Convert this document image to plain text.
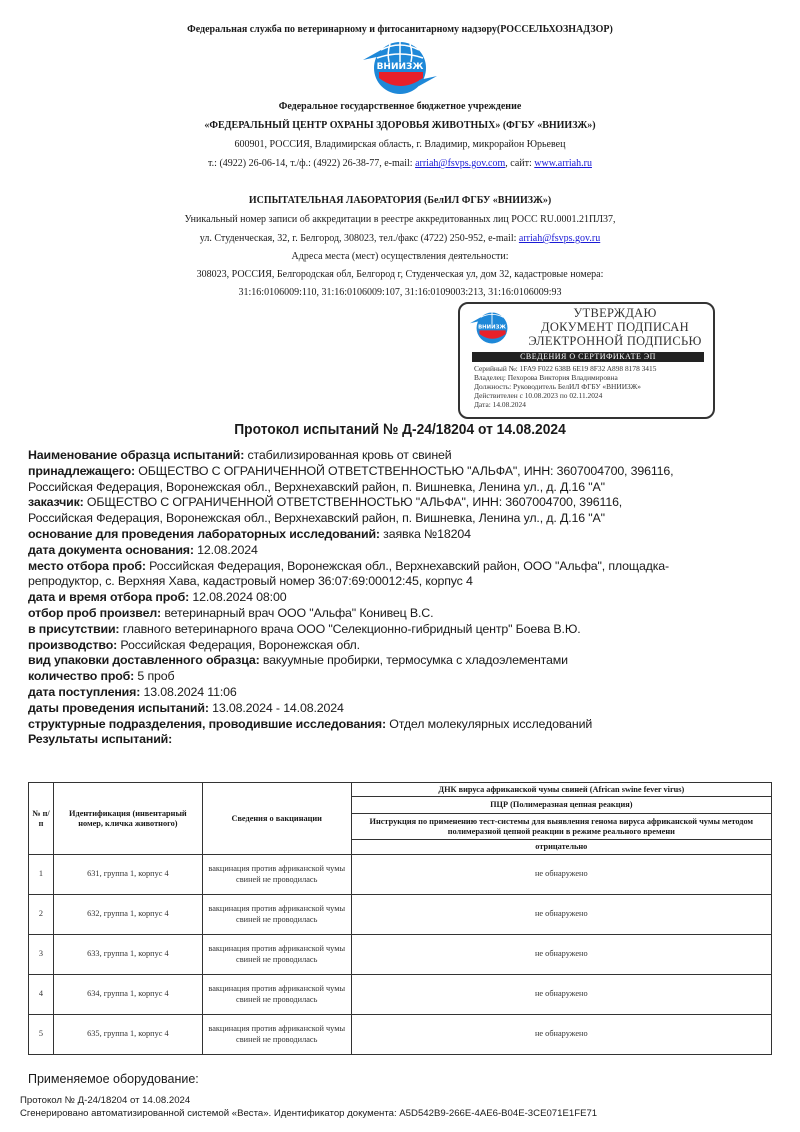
Федеральная служба по ветеринарному и фитосанитарному надзору(РОССЕЛЬХОЗНАДЗОР)
ВНИИЗЖ
Федеральное государственное бюджетное учреждение
«ФЕДЕРАЛЬНЫЙ ЦЕНТР ОХРАНЫ ЗДОРОВЬЯ ЖИВОТНЫХ» (ФГБУ «ВНИИЗЖ»)
600901, РОССИЯ, Владимирская область, г. Владимир, микрорайон Юрьевец
т.: (4922) 26-06-14, т./ф.: (4922) 26-38-77, e-mail: arriah@fsvps.gov.com, сайт: www.arriah.ru
ИСПЫТАТЕЛЬНАЯ ЛАБОРАТОРИЯ (БелИЛ ФГБУ «ВНИИЗЖ»)
Уникальный номер записи об аккредитации в реестре аккредитованных лиц РОСС RU.0001.21ПЛ37,
ул. Студенческая, 32, г. Белгород, 308023, тел./факс (4722) 250-952, e-mail: arriah@fsvps.gov.ru
Адреса места (мест) осуществления деятельности:
308023, РОССИЯ, Белгородская обл, Белгород г, Студенческая ул, дом 32, кадастровые номера:
31:16:0106009:110, 31:16:0106009:107, 31:16:0109003:213, 31:16:0106009:93
ВНИИЗЖ
УТВЕРЖДАЮ
ДОКУМЕНТ ПОДПИСАН
ЭЛЕКТРОННОЙ ПОДПИСЬЮ
СВЕДЕНИЯ О СЕРТИФИКАТЕ ЭП
Серийный №: 1FA9 F022 638B 6E19 8F32 A898 8178 3415
Владелец: Пехорова Виктория Владимировна
Должность: Руководитель БелИЛ ФГБУ «ВНИИЗЖ»
Действителен с 10.08.2023 по 02.11.2024
Дата: 14.08.2024
Протокол испытаний № Д-24/18204 от 14.08.2024
Наименование образца испытаний: стабилизированная кровь от свиней
принадлежащего: ОБЩЕСТВО С ОГРАНИЧЕННОЙ ОТВЕТСТВЕННОСТЬЮ "АЛЬФА", ИНН: 3607004700, 396116,
Российская Федерация, Воронежская обл., Верхнехавский район, п. Вишневка, Ленина ул., д. Д.16 "А"
заказчик: ОБЩЕСТВО С ОГРАНИЧЕННОЙ ОТВЕТСТВЕННОСТЬЮ "АЛЬФА", ИНН: 3607004700, 396116,
Российская Федерация, Воронежская обл., Верхнехавский район, п. Вишневка, Ленина ул., д. Д.16 "А"
основание для проведения лабораторных исследований: заявка №18204
дата документа основания: 12.08.2024
место отбора проб: Российская Федерация, Воронежская обл., Верхнехавский район, ООО "Альфа", площадка-
репродуктор, с. Верхняя Хава, кадастровый номер 36:07:69:00012:45, корпус 4
дата и время отбора проб: 12.08.2024 08:00
отбор проб произвел: ветеринарный врач ООО "Альфа" Конивец В.С.
в присутствии: главного ветеринарного врача ООО "Селекционно-гибридный центр" Боева В.Ю.
производство: Российская Федерация, Воронежская обл.
вид упаковки доставленного образца: вакуумные пробирки, термосумка с хладоэлементами
количество проб: 5 проб
дата поступления: 13.08.2024 11:06
даты проведения испытаний: 13.08.2024 - 14.08.2024
структурные подразделения, проводившие исследования: Отдел молекулярных исследований
Результаты испытаний:
№ п/п	Идентификация (инвентарный номер, кличка животного)	Сведения о вакцинации	ДНК вируса африканской чумы свиней (African swine fever virus)
			ПЦР (Полимеразная цепная реакция)
			Инструкция по применению тест-системы для выявления генома вируса африканской чумы методом полимеразной цепной реакции в режиме реального времени
			отрицательно
1	631, группа 1, корпус 4	вакцинация против африканской чумы свиней не проводилась	не обнаружено
2	632, группа 1, корпус 4	вакцинация против африканской чумы свиней не проводилась	не обнаружено
3	633, группа 1, корпус 4	вакцинация против африканской чумы свиней не проводилась	не обнаружено
4	634, группа 1, корпус 4	вакцинация против африканской чумы свиней не проводилась	не обнаружено
5	635, группа 1, корпус 4	вакцинация против африканской чумы свиней не проводилась	не обнаружено
Применяемое оборудование:
Протокол № Д-24/18204 от 14.08.2024
Сгенерировано автоматизированной системой «Веста». Идентификатор документа: A5D542B9-266E-4AE6-B04E-3CE071E1FE71
